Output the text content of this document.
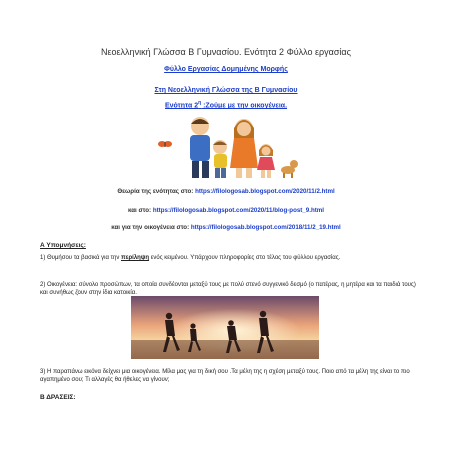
Νεοελληνική Γλώσσα Β Γυμνασίου. Ενότητα 2 Φύλλο εργασίας
Φύλλο Εργασίας Δομημένης Μορφής
Στη Νεοελληνική Γλώσσα της Β Γυμνασίου
Ενότητα $2^\eta$ :Ζούμε με την οικογένεια.
Θεωρία της ενότητας στο: https://filologosab.blogspot.com/2020/11/2.html
και στο: https://filologosab.blogspot.com/2020/11/blog-post_9.html
και για την οικογένεια στο: https://filologosab.blogspot.com/2018/11/2_19.html
Α Υπομνήσεις:
1) Θυμήσου τα βασικά για την περίληψη ενός κειμένου. Υπάρχουν πληροφορίες στο τέλος του φύλλου εργασίας.
2) Οικογένεια: σύνολο προσώπων, τα οποία συνδέονται μεταξύ τους με πολύ στενό συγγενικό δεσμό (ο πατέρας, η μητέρα και τα παιδιά τους) και συνήθως ζουν στην ίδια κατοικία.
3) Η παραπάνω εικόνα δείχνει μια οικογένεια. Μίλα μας για τη δική σου .Τα μέλη της η σχέση μεταξύ τους. Ποιο από τα μέλη της είναι το πιο αγαπημένο σου; Τι αλλαγές θα ήθελες να γίνουν;
Β ΔΡΑΣΕΙΣ:
